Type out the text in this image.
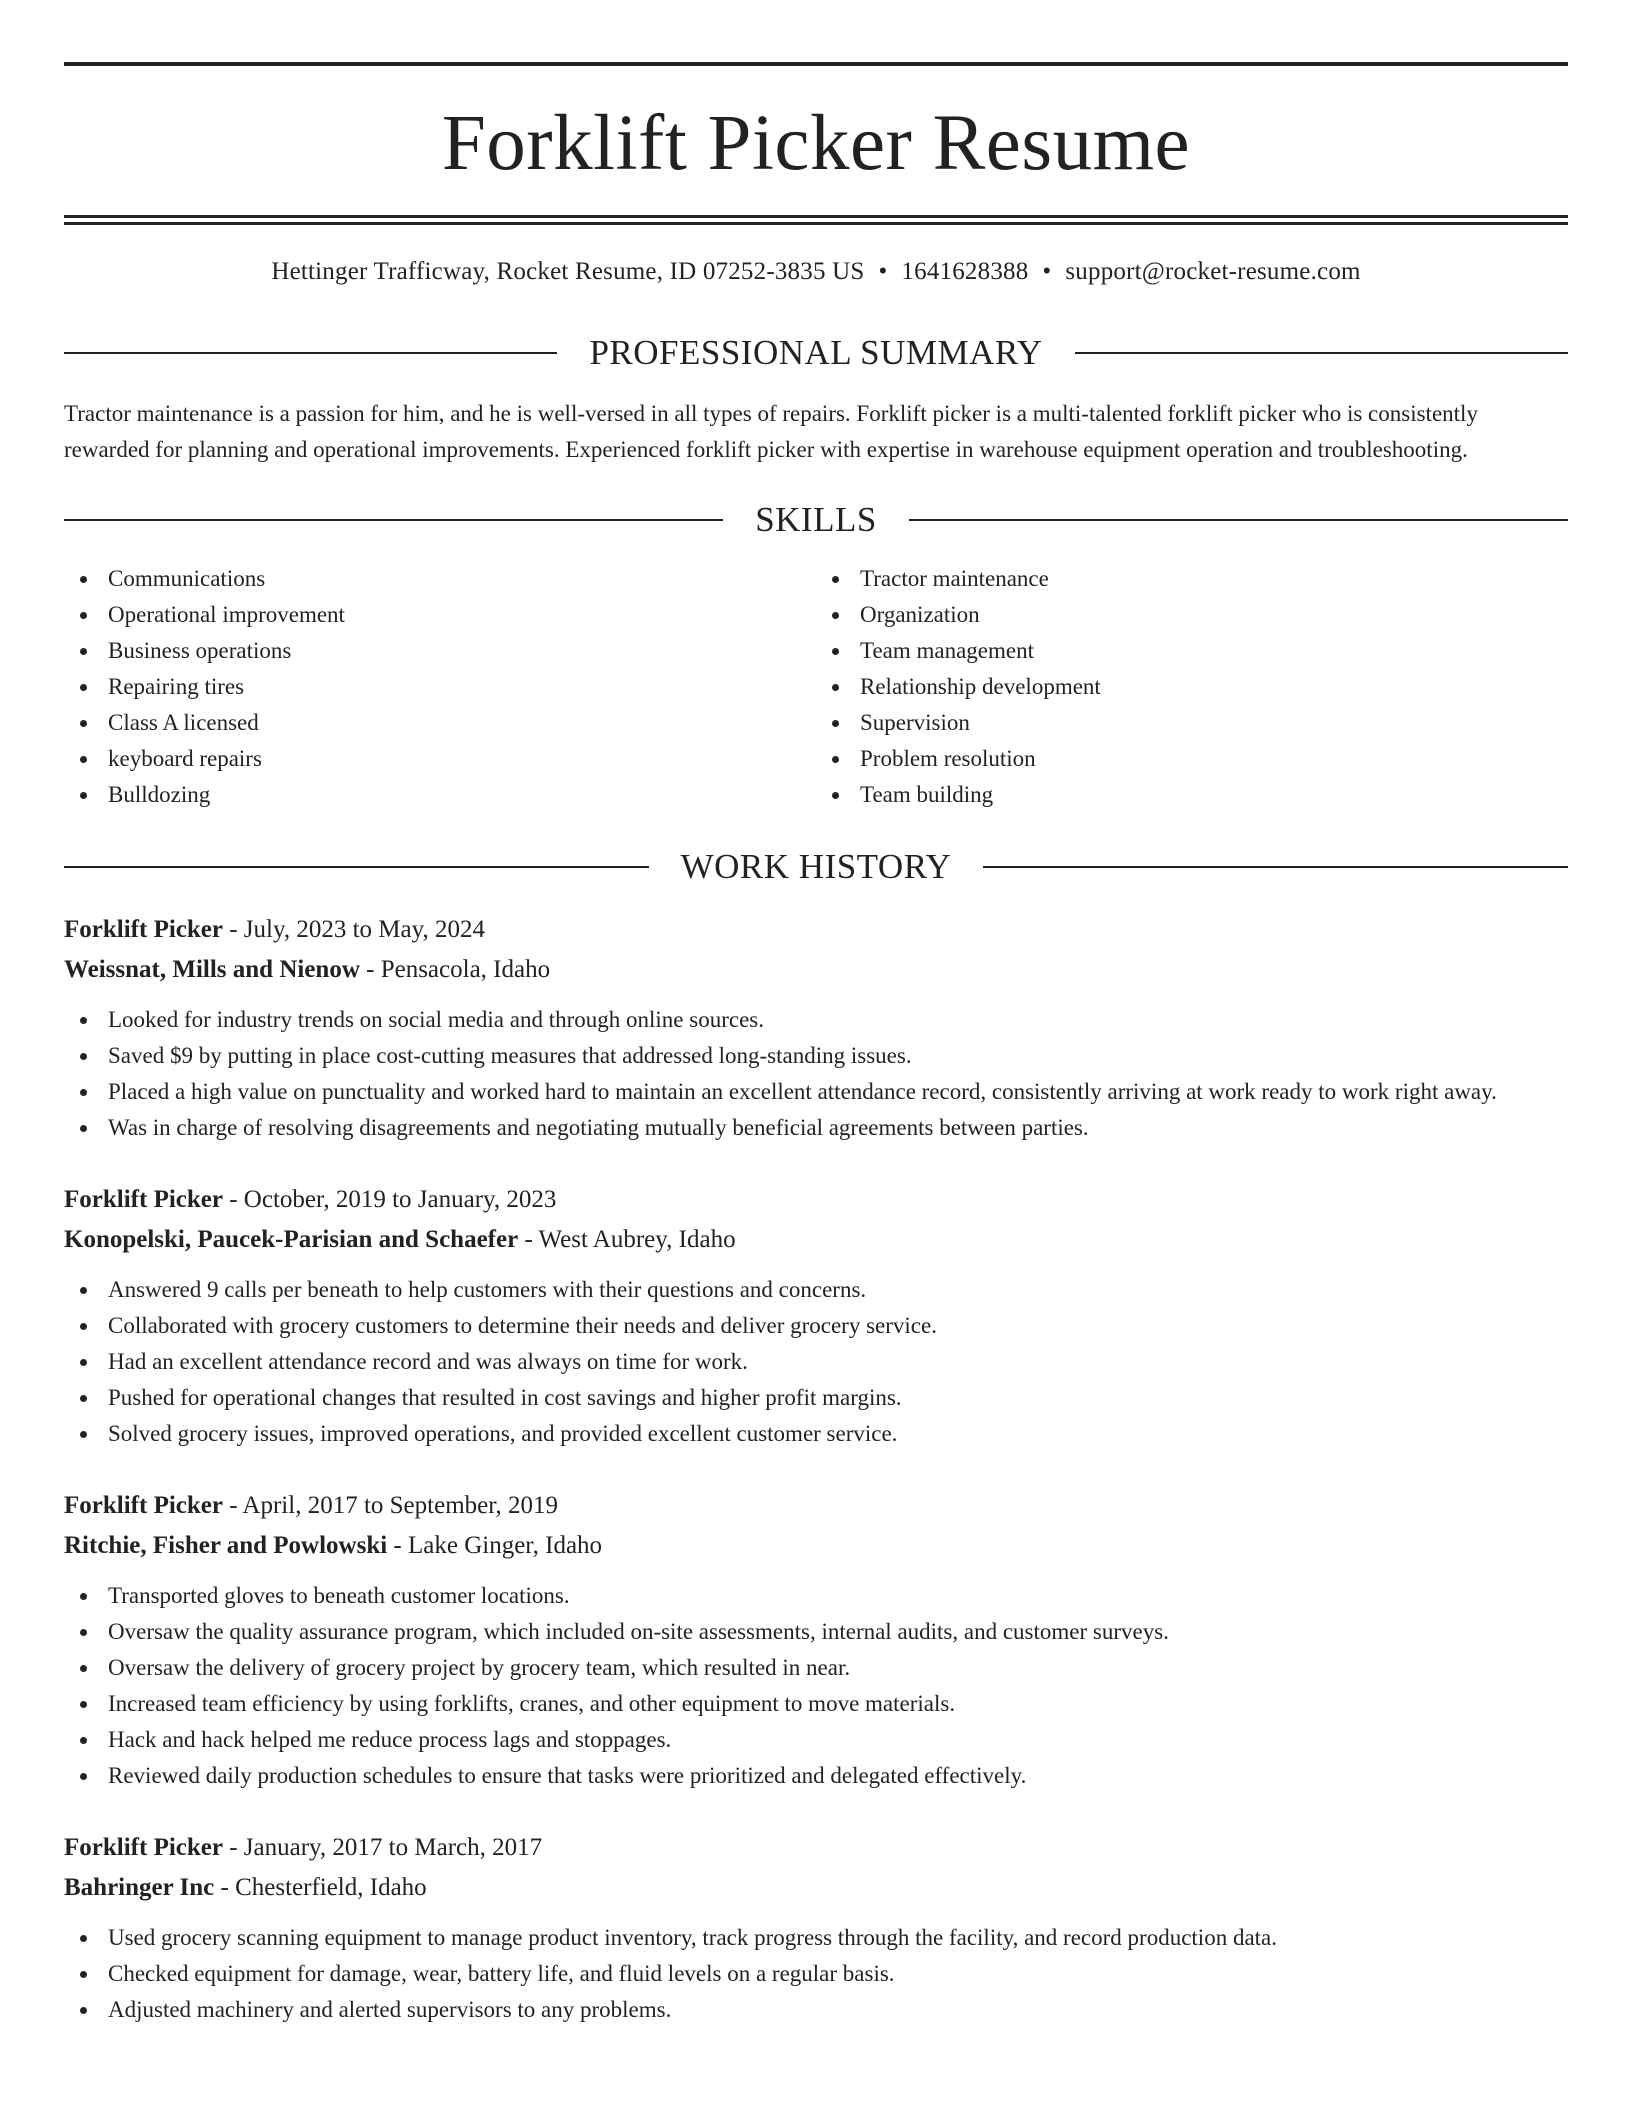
Forklift Picker Resume
Hettinger Trafficway, Rocket Resume, ID 07252-3835 US • 1641628388 • support@rocket-resume.com
PROFESSIONAL SUMMARY

Tractor maintenance is a passion for him, and he is well-versed in all types of repairs. Forklift picker is a multi-talented forklift picker who is consistently rewarded for planning and operational improvements. Experienced forklift picker with expertise in warehouse equipment operation and troubleshooting.

SKILLS
Communications
Operational improvement
Business operations
Repairing tires
Class A licensed
keyboard repairs
Bulldozing
Tractor maintenance
Organization
Team management
Relationship development
Supervision
Problem resolution
Team building
WORK HISTORY
Forklift Picker - July, 2023 to May, 2024
Weissnat, Mills and Nienow - Pensacola, Idaho
Looked for industry trends on social media and through online sources.
Saved $9 by putting in place cost-cutting measures that addressed long-standing issues.
Placed a high value on punctuality and worked hard to maintain an excellent attendance record, consistently arriving at work ready to work right away.
Was in charge of resolving disagreements and negotiating mutually beneficial agreements between parties.
Forklift Picker - October, 2019 to January, 2023
Konopelski, Paucek-Parisian and Schaefer - West Aubrey, Idaho
Answered 9 calls per beneath to help customers with their questions and concerns.
Collaborated with grocery customers to determine their needs and deliver grocery service.
Had an excellent attendance record and was always on time for work.
Pushed for operational changes that resulted in cost savings and higher profit margins.
Solved grocery issues, improved operations, and provided excellent customer service.
Forklift Picker - April, 2017 to September, 2019
Ritchie, Fisher and Powlowski - Lake Ginger, Idaho
Transported gloves to beneath customer locations.
Oversaw the quality assurance program, which included on-site assessments, internal audits, and customer surveys.
Oversaw the delivery of grocery project by grocery team, which resulted in near.
Increased team efficiency by using forklifts, cranes, and other equipment to move materials.
Hack and hack helped me reduce process lags and stoppages.
Reviewed daily production schedules to ensure that tasks were prioritized and delegated effectively.
Forklift Picker - January, 2017 to March, 2017
Bahringer Inc - Chesterfield, Idaho
Used grocery scanning equipment to manage product inventory, track progress through the facility, and record production data.
Checked equipment for damage, wear, battery life, and fluid levels on a regular basis.
Adjusted machinery and alerted supervisors to any problems.
